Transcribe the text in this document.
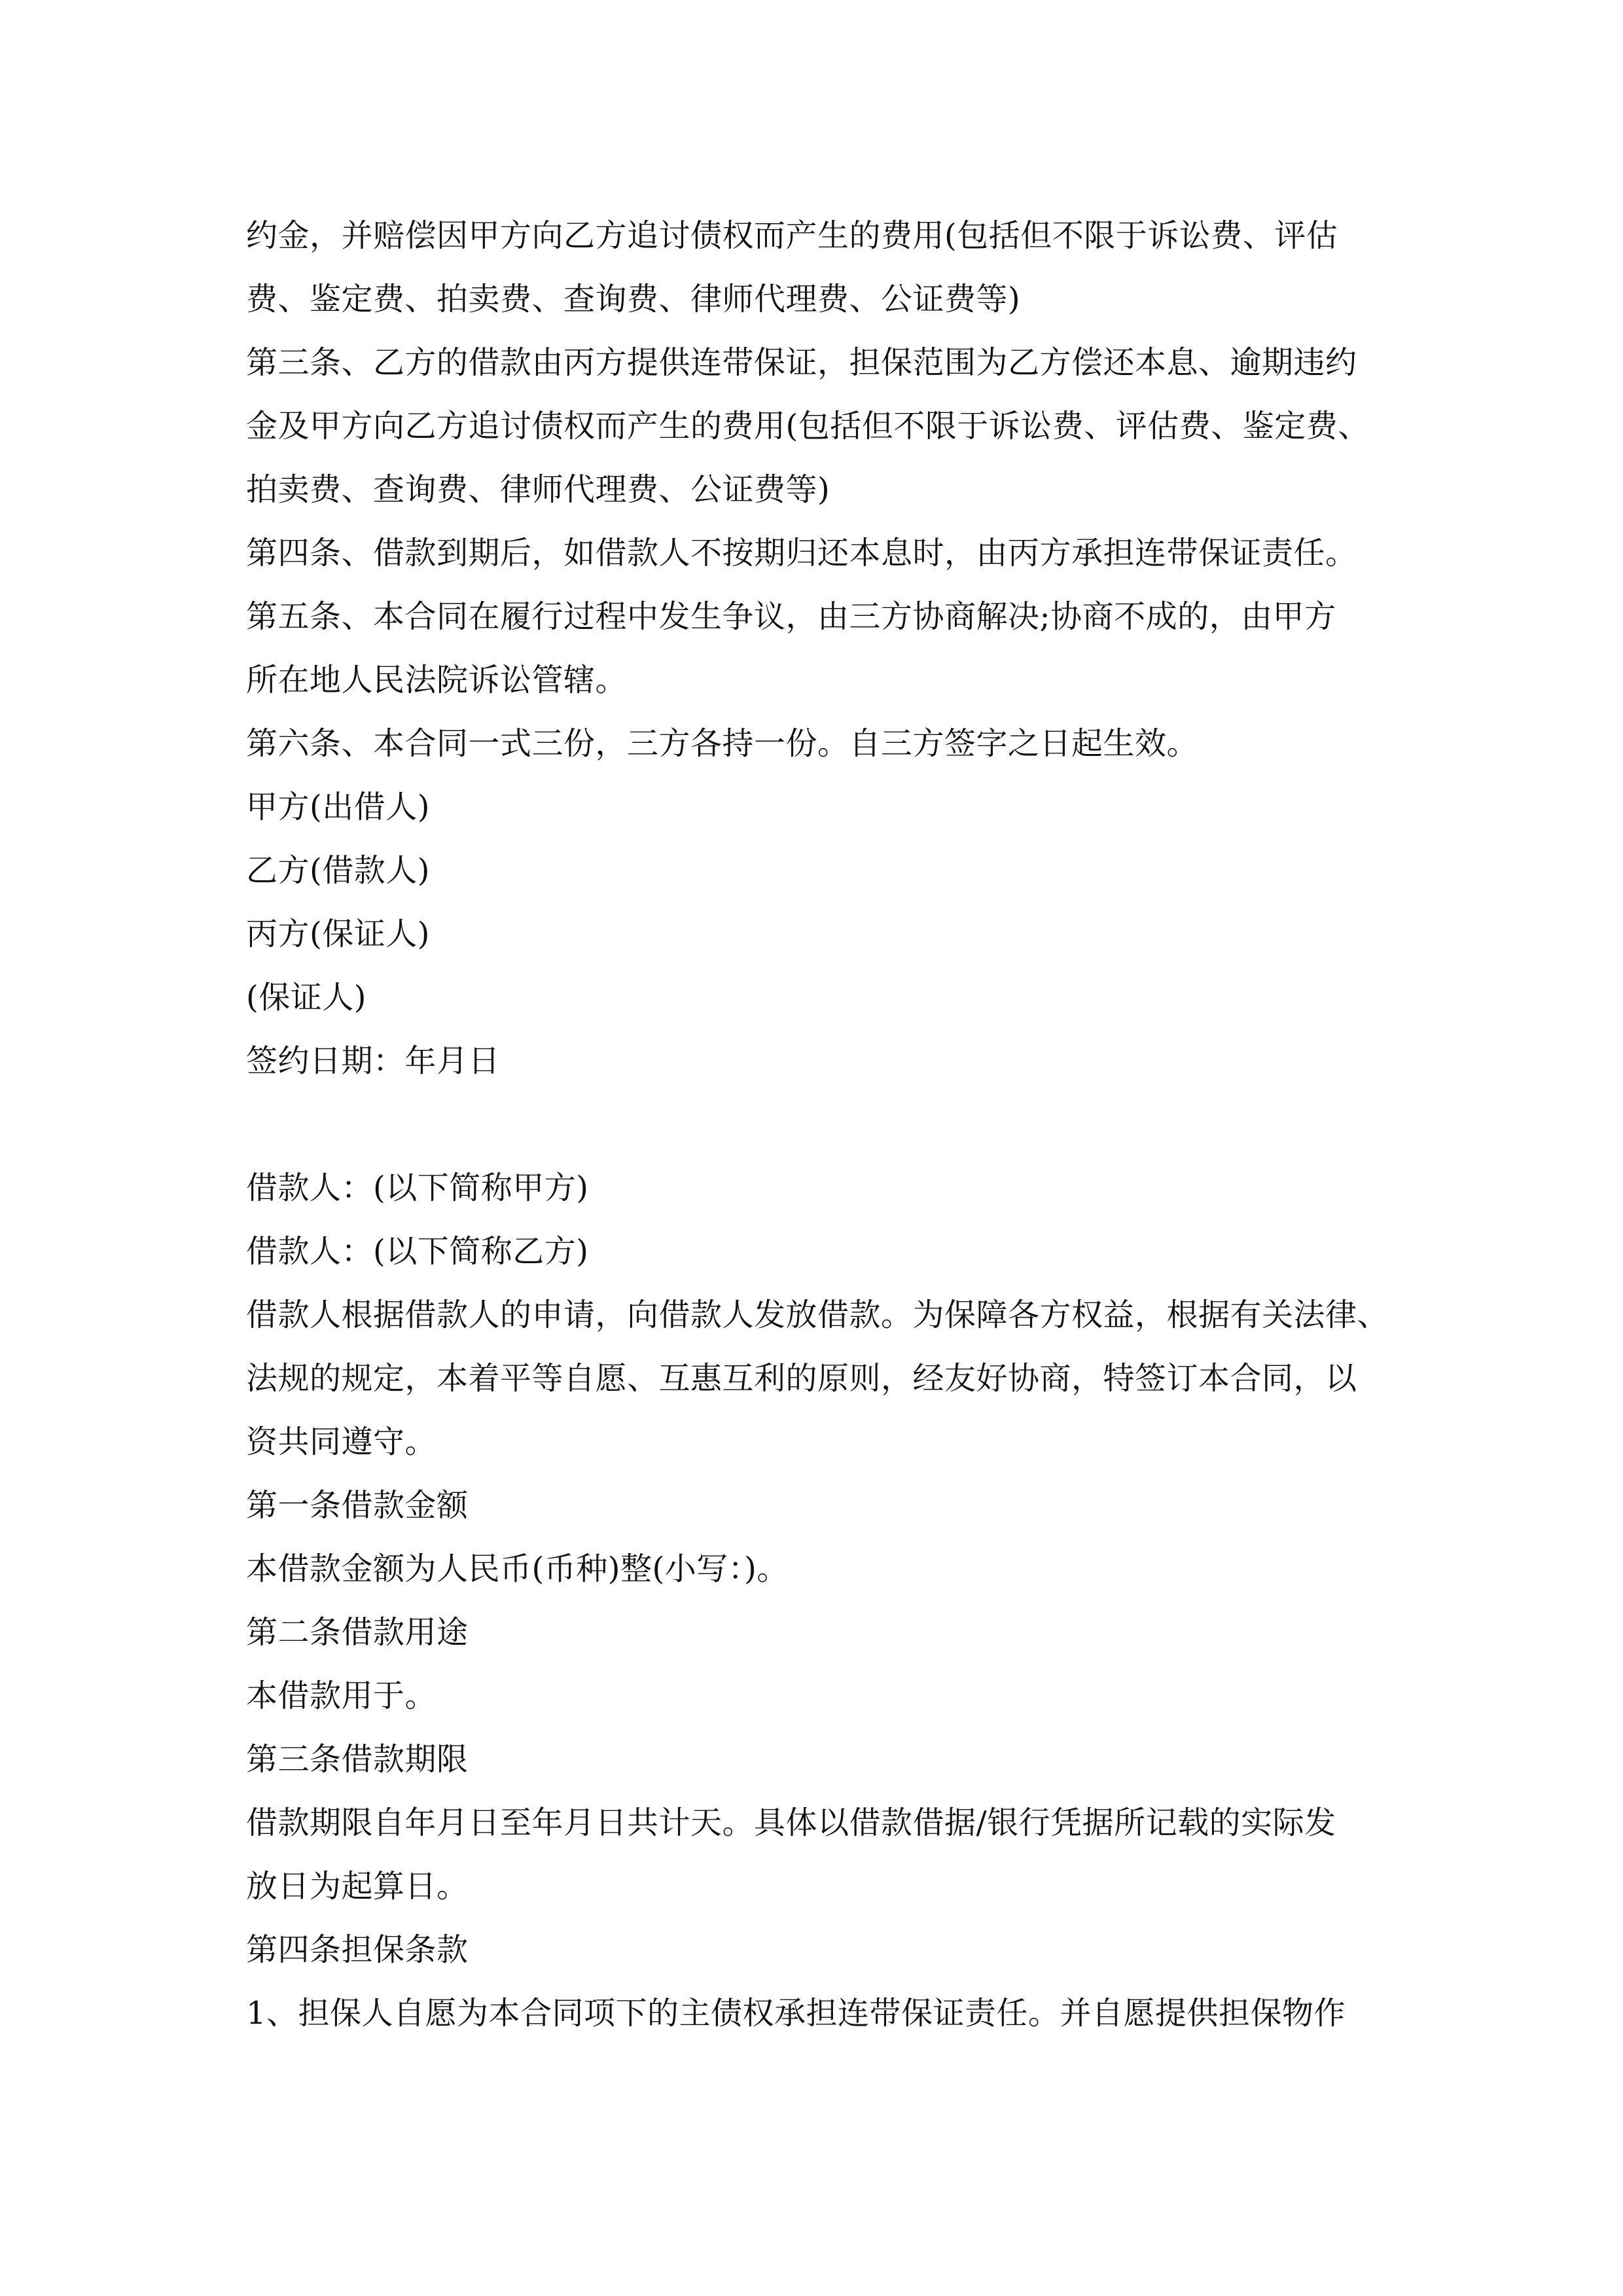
约金，并赔偿因甲方向乙方追讨债权而产生的费用(包括但不限于诉讼费、评估
费、鉴定费、拍卖费、查询费、律师代理费、公证费等)
第三条、乙方的借款由丙方提供连带保证，担保范围为乙方偿还本息、逾期违约
金及甲方向乙方追讨债权而产生的费用(包括但不限于诉讼费、评估费、鉴定费、
拍卖费、查询费、律师代理费、公证费等)
第四条、借款到期后，如借款人不按期归还本息时，由丙方承担连带保证责任。
第五条、本合同在履行过程中发生争议，由三方协商解决;协商不成的，由甲方
所在地人民法院诉讼管辖。
第六条、本合同一式三份，三方各持一份。自三方签字之日起生效。
甲方(出借人)
乙方(借款人)
丙方(保证人)
(保证人)
签约日期：年月日
借款人：(以下简称甲方)
借款人：(以下简称乙方)
借款人根据借款人的申请，向借款人发放借款。为保障各方权益，根据有关法律、
法规的规定，本着平等自愿、互惠互利的原则，经友好协商，特签订本合同，以
资共同遵守。
第一条借款金额
本借款金额为人民币(币种)整(小写：)。
第二条借款用途
本借款用于。
第三条借款期限
借款期限自年月日至年月日共计天。具体以借款借据/银行凭据所记载的实际发
放日为起算日。
第四条担保条款
1、担保人自愿为本合同项下的主债权承担连带保证责任。并自愿提供担保物作
